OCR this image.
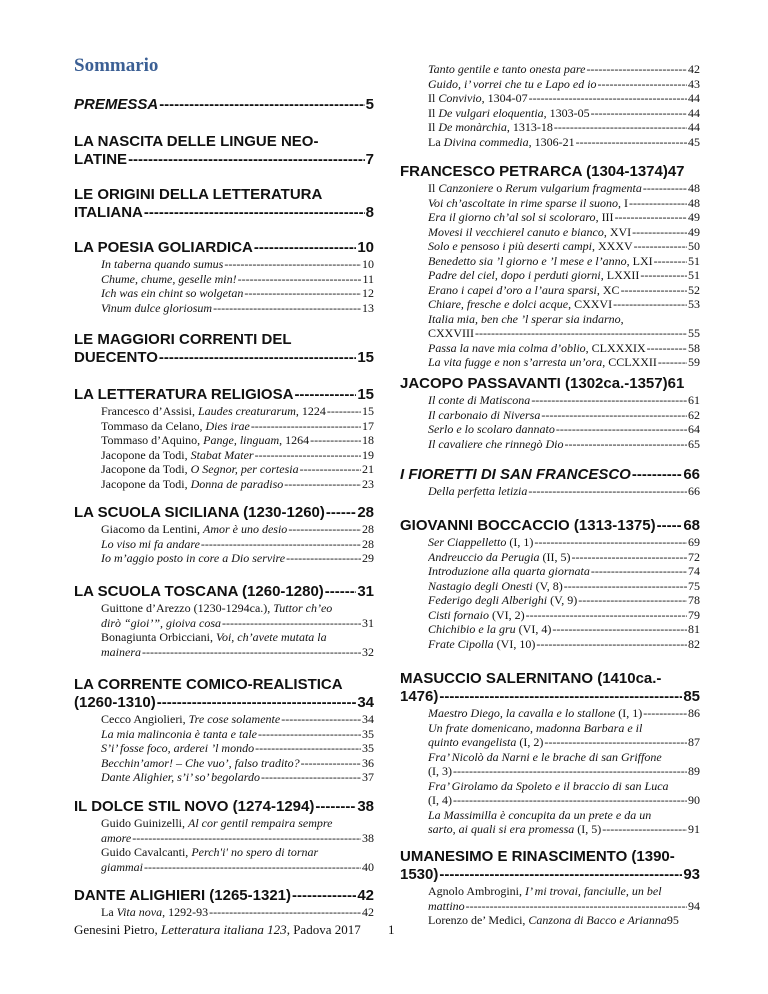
Sommario
PREMESSA -----	5
LA NASCITA DELLE LINGUE NEO-
LATINE -----	7
LE ORIGINI DELLA LETTERATURA
ITALIANA -----	8
LA POESIA GOLIARDICA -----	10
In taberna quando sumus -----	10
Chume, chume, geselle min! -----	11
Ich was ein chint so wolgetan -----	12
Vinum dulce gloriosum -----	13
LE MAGGIORI CORRENTI DEL
DUECENTO -----	15
LA LETTERATURA RELIGIOSA -----	15
Francesco d’Assisi, Laudes creaturarum, 1224 -----	15
Tommaso da Celano, Dies irae -----	17
Tommaso d’Aquino, Pange, linguam, 1264 -----	18
Jacopone da Todi, Stabat Mater -----	19
Jacopone da Todi, O Segnor, per cortesia -----	21
Jacopone da Todi, Donna de paradiso -----	23
LA SCUOLA SICILIANA (1230-1260) ----- 28
Giacomo da Lentini, Amor è uno desio -----	28
Lo viso mi fa andare -----	28
Io m’aggio posto in core a Dio servire -----	29
LA SCUOLA TOSCANA (1260-1280) ----- 31
Guittone d’Arezzo (1230-1294ca.), Tuttor ch’eo
dirò “gioi’”, gioiva cosa -----	31
Bonagiunta Orbicciani, Voi, ch’avete mutata la
mainera -----	32
LA CORRENTE COMICO-REALISTICA
(1260-1310) -----	34
Cecco Angiolieri, Tre cose solamente -----	34
La mia malinconia è tanta e tale -----	35
S’i’ fosse foco, arderei ’l mondo -----	35
Becchin’amor! – Che vuo’, falso tradito? -----	36
Dante Alighier, s’i’ so’ begolardo -----	37
IL DOLCE STIL NOVO (1274-1294) -----	38
Guido Guinizelli, Al cor gentil rempaira sempre
amore -----	38
Guido Cavalcanti, Perch'i' no spero di tornar
giammai -----	40
DANTE ALIGHIERI (1265-1321) -----	42
La Vita nova, 1292-93 -----	42
Tanto gentile e tanto onesta pare -----	42
Guido, i’ vorrei che tu e Lapo ed io -----	43
Il Convivio, 1304-07 -----	44
Il De vulgari eloquentia, 1303-05 -----	44
Il De monàrchia, 1313-18 -----	44
La Divina commedia, 1306-21 -----	45
FRANCESCO PETRARCA (1304-1374) 47
Il Canzoniere o Rerum vulgarium fragmenta -----	48
Voi ch’ascoltate in rime sparse il suono, I -----	48
Era il giorno ch’al sol si scoloraro, III -----	49
Movesi il vecchierel canuto e bianco, XVI -----	49
Solo e pensoso i più deserti campi, XXXV -----	50
Benedetto sia ’l giorno e ’l mese e l’anno, LXI -----	51
Padre del ciel, dopo i perduti giorni, LXXII -----	51
Erano i capei d’oro a l’aura sparsi, XC -----	52
Chiare, fresche e dolci acque, CXXVI -----	53
Italia mia, ben che ’l sperar sia indarno,
CXXVIII -----	55
Passa la nave mia colma d’oblio, CLXXXIX -----	58
La vita fugge e non s’arresta un’ora, CCLXXII -----	59
JACOPO PASSAVANTI (1302ca.-1357) 61
Il conte di Matiscona -----	61
Il carbonaio di Niversa -----	62
Serlo e lo scolaro dannato -----	64
Il cavaliere che rinnegò Dio -----	65
I FIORETTI DI SAN FRANCESCO -----	66
Della perfetta letizia -----	66
GIOVANNI BOCCACCIO (1313-1375) ----- 68
Ser Ciappelletto (I, 1) -----	69
Andreuccio da Perugia (II, 5) -----	72
Introduzione alla quarta giornata -----	74
Nastagio degli Onesti (V, 8) -----	75
Federigo degli Alberighi (V, 9) -----	78
Cisti fornaio (VI, 2) -----	79
Chichibio e la gru (VI, 4) -----	81
Frate Cipolla (VI, 10) -----	82
MASUCCIO SALERNITANO (1410ca.-
1476) -----	85
Maestro Diego, la cavalla e lo stallone (I, 1) -----	86
Un frate domenicano, madonna Barbara e il
quinto evangelista (I, 2) -----	87
Fra’ Nicolò da Narni e le brache di san Griffone
(I, 3) -----	89
Fra’ Girolamo da Spoleto e il braccio di san Luca
(I, 4) -----	90
La Massimilla è concupita da un prete e da un
sarto, ai quali si era promessa (I, 5) -----	91
UMANESIMO E RINASCIMENTO (1390-
1530) -----	93
Agnolo Ambrogini, I’ mi trovai, fanciulle, un bel
mattino -----	94
Lorenzo de’ Medici, Canzona di Bacco e Arianna 95
Genesini Pietro, Letteratura italiana 123, Padova 2017 1
